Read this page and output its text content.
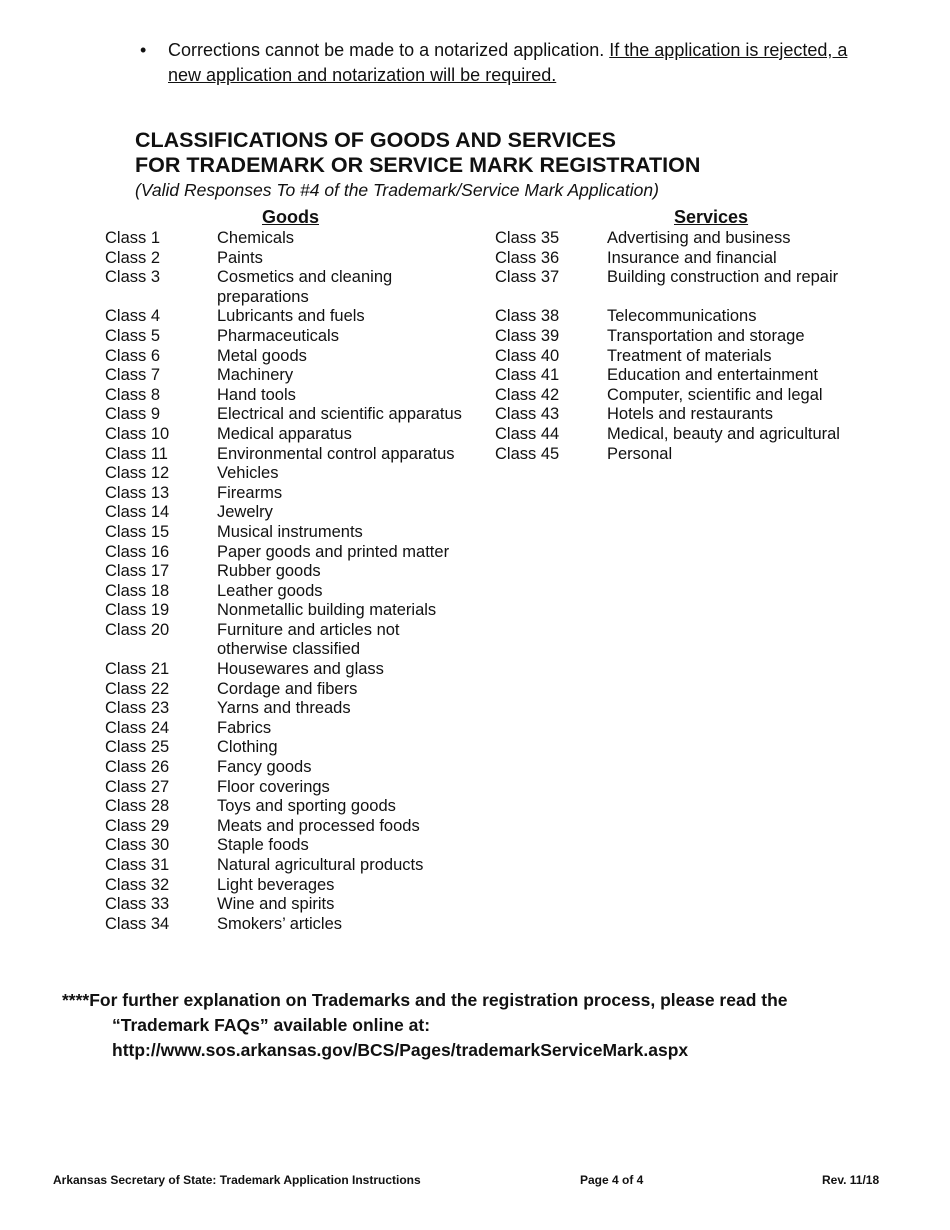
• Corrections cannot be made to a notarized application. If the application is rejected, a new application and notarization will be required.
CLASSIFICATIONS OF GOODS AND SERVICES
FOR TRADEMARK OR SERVICE MARK REGISTRATION
(Valid Responses To #4 of the Trademark/Service Mark Application)
Goods	Services
Class 1	Chemicals
Class 2	Paints
Class 3	Cosmetics and cleaning
preparations
Class 4	Lubricants and fuels
Class 5	Pharmaceuticals
Class 6	Metal goods
Class 7	Machinery
Class 8	Hand tools
Class 9	Electrical and scientific apparatus
Class 10	Medical apparatus
Class 11	Environmental control apparatus
Class 12	Vehicles
Class 13	Firearms
Class 14	Jewelry
Class 15	Musical instruments
Class 16	Paper goods and printed matter
Class 17	Rubber goods
Class 18	Leather goods
Class 19	Nonmetallic building materials
Class 20	Furniture and articles not
otherwise classified
Class 21	Housewares and glass
Class 22	Cordage and fibers
Class 23	Yarns and threads
Class 24	Fabrics
Class 25	Clothing
Class 26	Fancy goods
Class 27	Floor coverings
Class 28	Toys and sporting goods
Class 29	Meats and processed foods
Class 30	Staple foods
Class 31	Natural agricultural products
Class 32	Light beverages
Class 33	Wine and spirits
Class 34	Smokers’ articles
Class 35	Advertising and business
Class 36	Insurance and financial
Class 37	Building construction and repair
Class 38	Telecommunications
Class 39	Transportation and storage
Class 40	Treatment of materials
Class 41	Education and entertainment
Class 42	Computer, scientific and legal
Class 43	Hotels and restaurants
Class 44	Medical, beauty and agricultural
Class 45	Personal
****For further explanation on Trademarks and the registration process, please read the
“Trademark FAQs” available online at:
http://www.sos.arkansas.gov/BCS/Pages/trademarkServiceMark.aspx
Arkansas Secretary of State: Trademark Application Instructions	Page 4 of 4	Rev. 11/18
